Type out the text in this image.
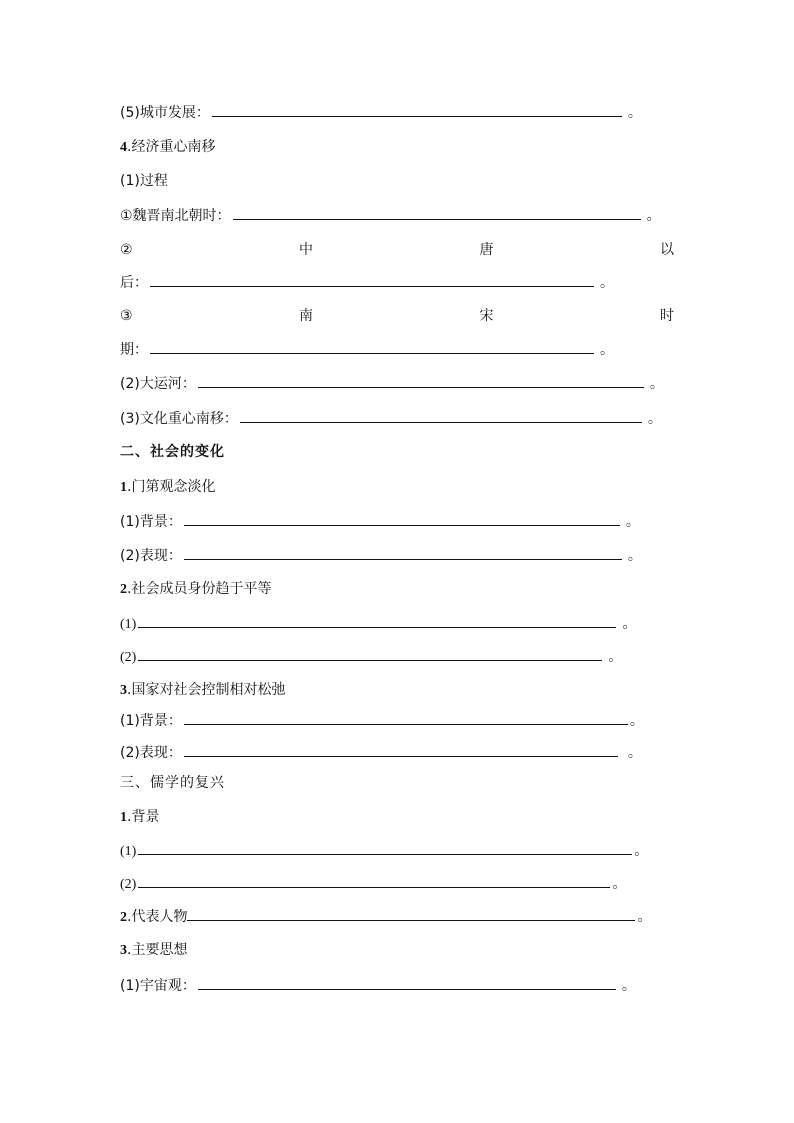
(5)城市发展：	。
4.经济重心南移
(1)过程
①魏晋南北朝时：	。
②	中	唐	以
后：	。
③	南	宋	时
期：	。
(2)大运河：	。
(3)文化重心南移：	。
二、社会的变化
1.门第观念淡化
(1)背景：	。
(2)表现：	。
2.社会成员身份趋于平等
(1)	。
(2)	。
3.国家对社会控制相对松弛
(1)背景：	。
(2)表现：	。
三、儒学的复兴
1.背景
(1)	。
(2)	。
2.代表人物	。
3.主要思想
(1)宇宙观：	。
